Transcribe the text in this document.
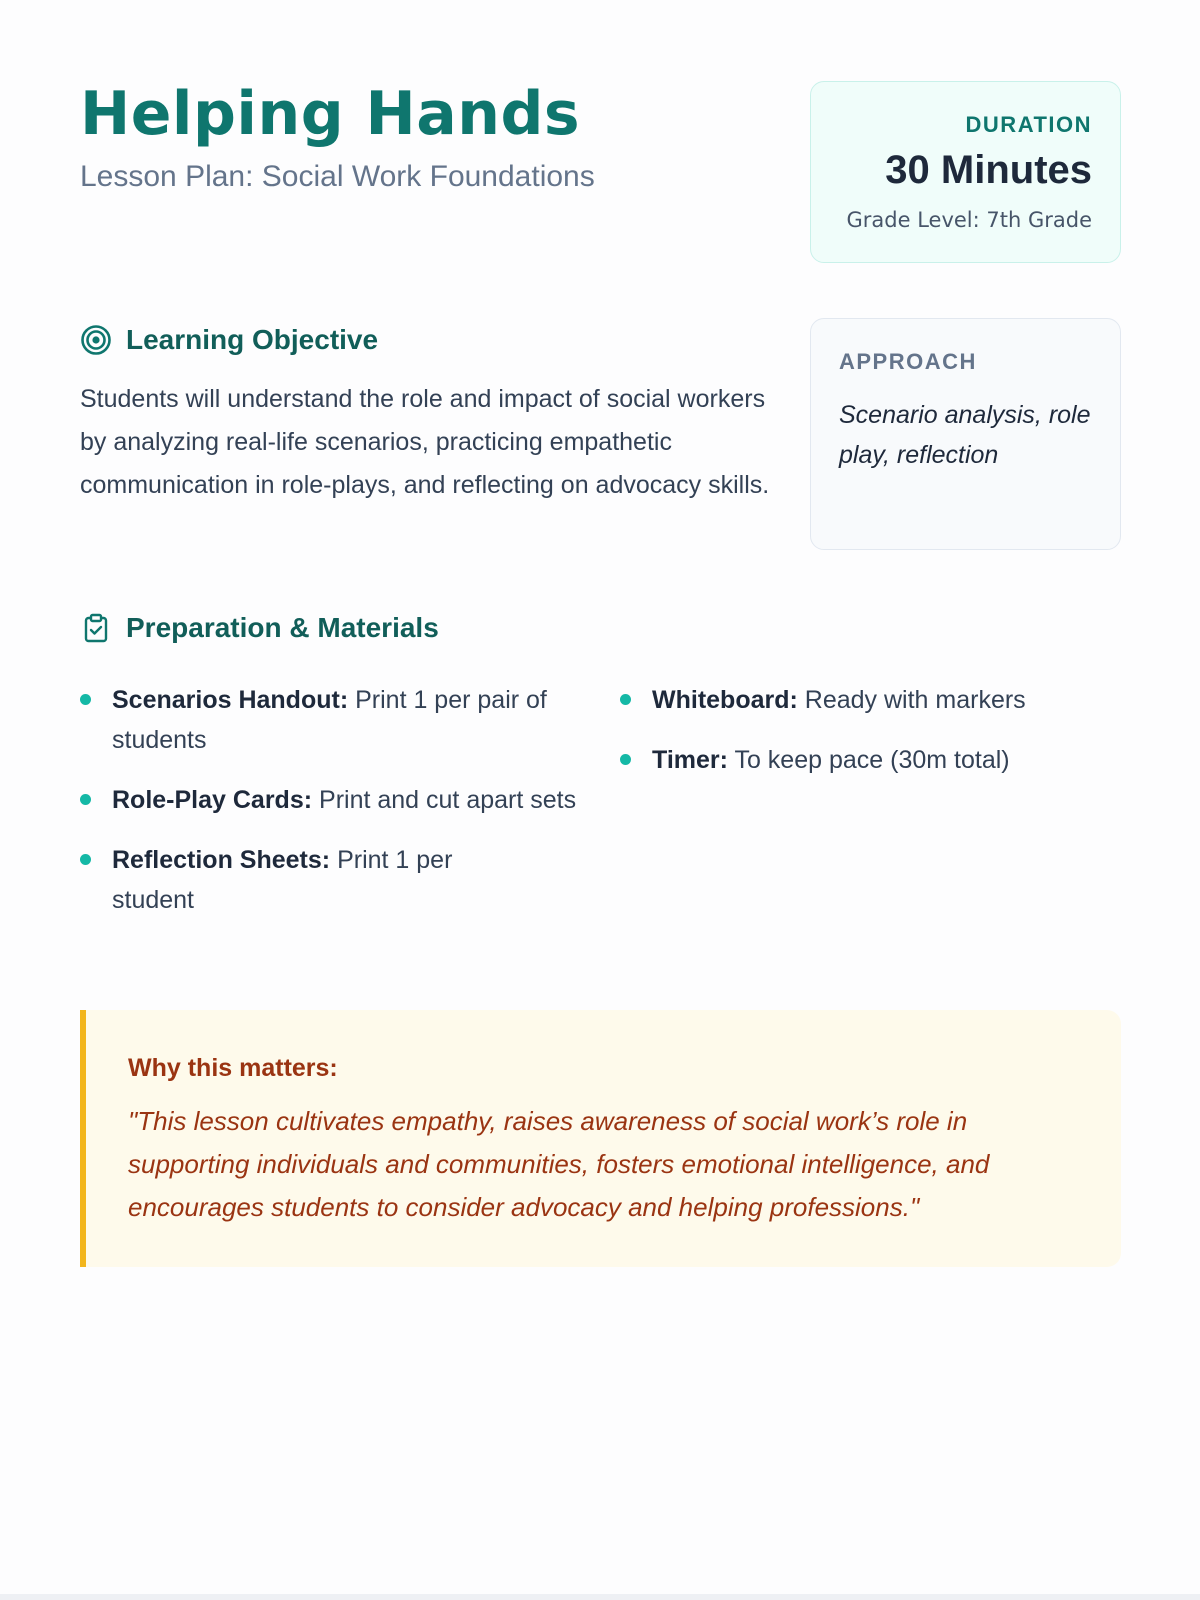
Helping Hands
Lesson Plan: Social Work Foundations
DURATION
30 Minutes
Grade Level: 7th Grade
Learning Objective

Students will understand the role and impact of social workers by analyzing real-life scenarios, practicing empathetic communication in role-plays, and reflecting on advocacy skills.

APPROACH
Scenario analysis, role play, reflection
Preparation & Materials
Scenarios Handout: Print 1 per pair of students
Role-Play Cards: Print and cut apart sets
Reflection Sheets: Print 1 per student
Whiteboard: Ready with markers
Timer: To keep pace (30m total)
Why this matters:
"This lesson cultivates empathy, raises awareness of social work’s role in supporting individuals and communities, fosters emotional intelligence, and encourages students to consider advocacy and helping professions."
